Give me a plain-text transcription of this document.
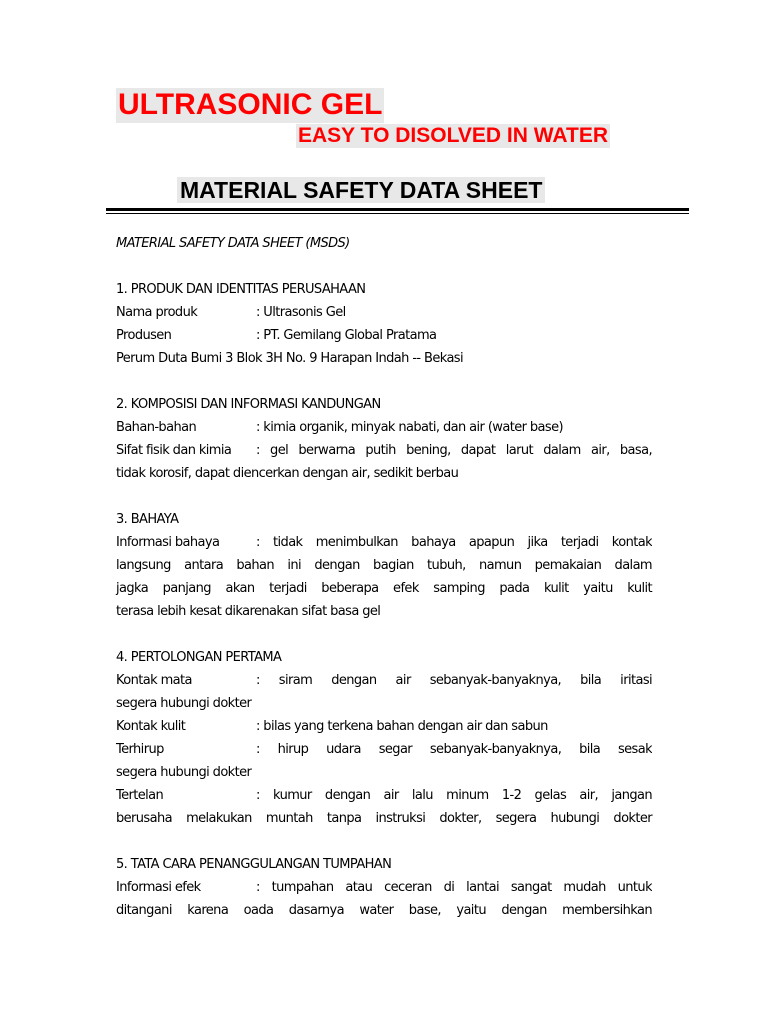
ULTRASONIC GEL
EASY TO DISOLVED IN WATER
MATERIAL SAFETY DATA SHEET
MATERIAL SAFETY DATA SHEET (MSDS)
1. PRODUK DAN IDENTITAS PERUSAHAAN
Nama produk	: Ultrasonis Gel
Produsen	: PT. Gemilang Global Pratama
Perum Duta Bumi 3 Blok 3H No. 9 Harapan Indah -- Bekasi
2. KOMPOSISI DAN INFORMASI KANDUNGAN
Bahan-bahan	: kimia organik, minyak nabati, dan air (water base)
Sifat fisik dan kimia	: gel berwarna putih bening, dapat larut dalam air, basa,
tidak korosif, dapat diencerkan dengan air, sedikit berbau
3. BAHAYA
Informasi bahaya	: tidak menimbulkan bahaya apapun jika terjadi kontak
langsung antara bahan ini dengan bagian tubuh, namun pemakaian dalam
jagka panjang akan terjadi beberapa efek samping pada kulit yaitu kulit
terasa lebih kesat dikarenakan sifat basa gel
4. PERTOLONGAN PERTAMA
Kontak mata	: siram dengan air sebanyak-banyaknya, bila iritasi
segera hubungi dokter
Kontak kulit	: bilas yang terkena bahan dengan air dan sabun
Terhirup	: hirup udara segar sebanyak-banyaknya, bila sesak
segera hubungi dokter
Tertelan	: kumur dengan air lalu minum 1-2 gelas air, jangan
berusaha melakukan muntah tanpa instruksi dokter, segera hubungi dokter
5. TATA CARA PENANGGULANGAN TUMPAHAN
Informasi efek	: tumpahan atau ceceran di lantai sangat mudah untuk
ditangani karena oada dasarnya water base, yaitu dengan membersihkan
